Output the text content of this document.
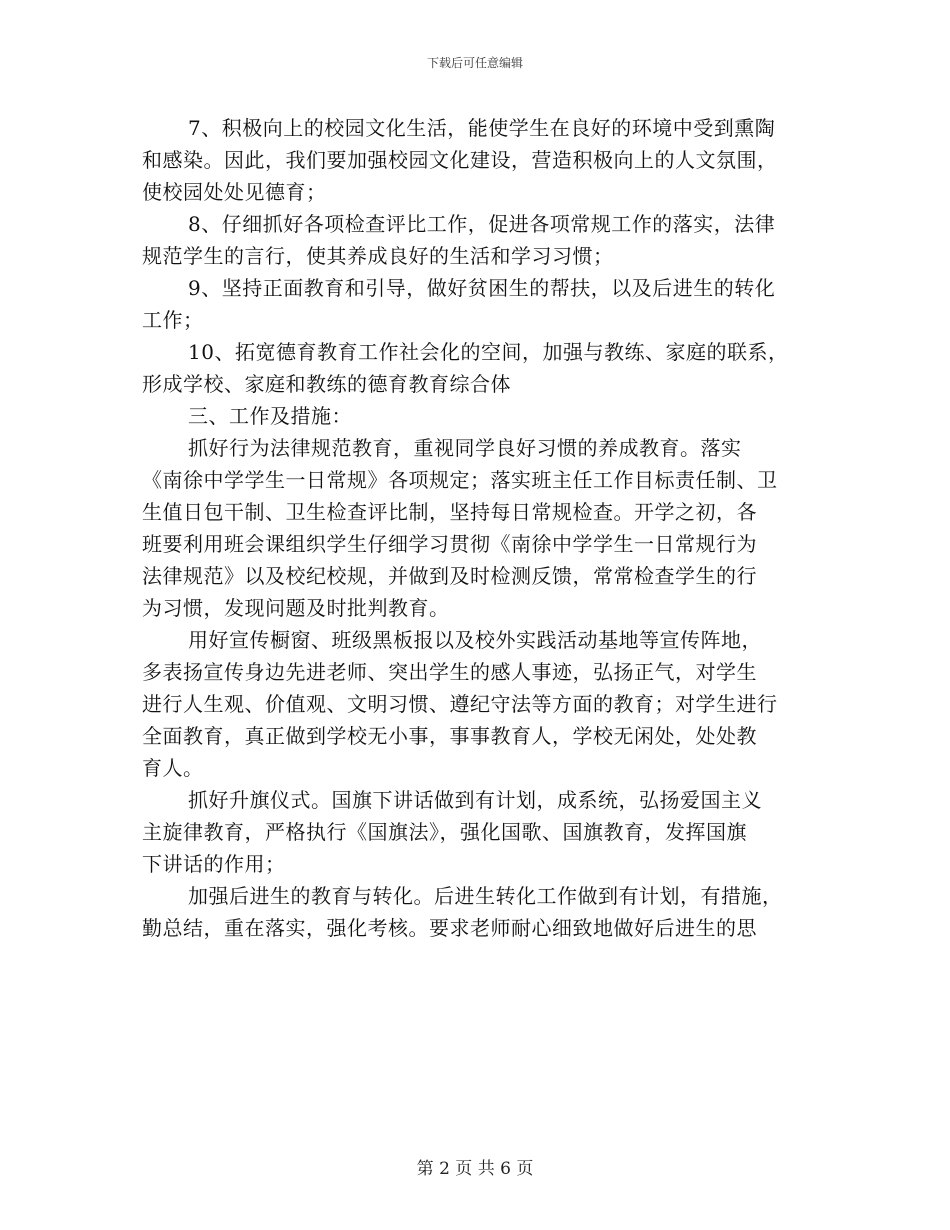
下载后可任意编辑
7、积极向上的校园文化生活，能使学生在良好的环境中受到熏陶
和感染。因此，我们要加强校园文化建设，营造积极向上的人文氛围，
使校园处处见德育；
8、仔细抓好各项检查评比工作，促进各项常规工作的落实，法律
规范学生的言行，使其养成良好的生活和学习习惯；
9、坚持正面教育和引导，做好贫困生的帮扶，以及后进生的转化
工作；
10、拓宽德育教育工作社会化的空间，加强与教练、家庭的联系，
形成学校、家庭和教练的德育教育综合体
三、工作及措施：
抓好行为法律规范教育，重视同学良好习惯的养成教育。落实
《南徐中学学生一日常规》各项规定；落实班主任工作目标责任制、卫
生值日包干制、卫生检查评比制，坚持每日常规检查。开学之初，各
班要利用班会课组织学生仔细学习贯彻《南徐中学学生一日常规行为
法律规范》以及校纪校规，并做到及时检测反馈，常常检查学生的行
为习惯，发现问题及时批判教育。
用好宣传橱窗、班级黑板报以及校外实践活动基地等宣传阵地，
多表扬宣传身边先进老师、突出学生的感人事迹，弘扬正气，对学生
进行人生观、价值观、文明习惯、遵纪守法等方面的教育；对学生进行
全面教育，真正做到学校无小事，事事教育人，学校无闲处，处处教
育人。
抓好升旗仪式。国旗下讲话做到有计划，成系统，弘扬爱国主义
主旋律教育，严格执行《国旗法》，强化国歌、国旗教育，发挥国旗
下讲话的作用；
加强后进生的教育与转化。后进生转化工作做到有计划，有措施，
勤总结，重在落实，强化考核。要求老师耐心细致地做好后进生的思
第 2 页 共 6 页
